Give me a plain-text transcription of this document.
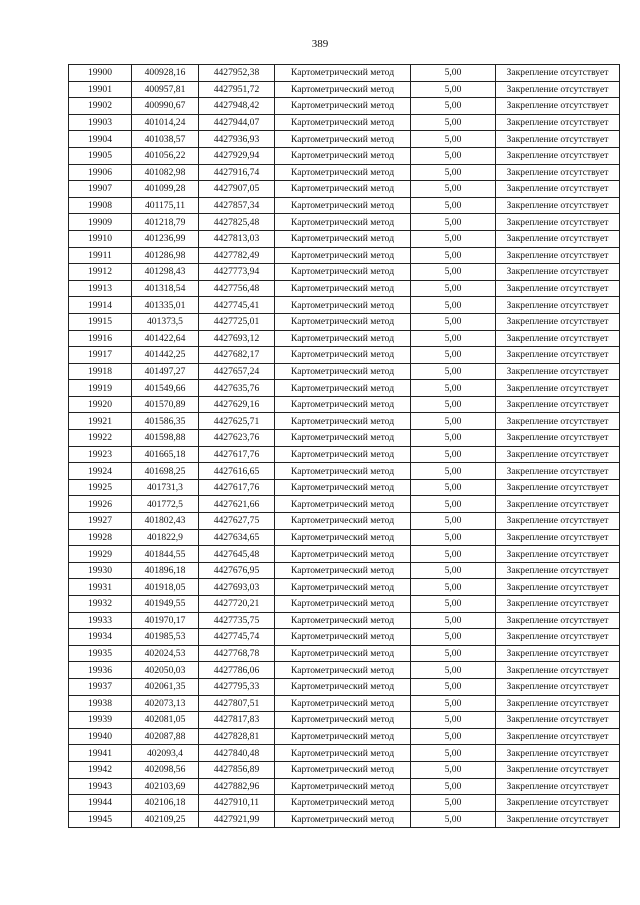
389
19900	400928,16	4427952,38	Картометрический метод	5,00	Закрепление отсутствует
19901	400957,81	4427951,72	Картометрический метод	5,00	Закрепление отсутствует
19902	400990,67	4427948,42	Картометрический метод	5,00	Закрепление отсутствует
19903	401014,24	4427944,07	Картометрический метод	5,00	Закрепление отсутствует
19904	401038,57	4427936,93	Картометрический метод	5,00	Закрепление отсутствует
19905	401056,22	4427929,94	Картометрический метод	5,00	Закрепление отсутствует
19906	401082,98	4427916,74	Картометрический метод	5,00	Закрепление отсутствует
19907	401099,28	4427907,05	Картометрический метод	5,00	Закрепление отсутствует
19908	401175,11	4427857,34	Картометрический метод	5,00	Закрепление отсутствует
19909	401218,79	4427825,48	Картометрический метод	5,00	Закрепление отсутствует
19910	401236,99	4427813,03	Картометрический метод	5,00	Закрепление отсутствует
19911	401286,98	4427782,49	Картометрический метод	5,00	Закрепление отсутствует
19912	401298,43	4427773,94	Картометрический метод	5,00	Закрепление отсутствует
19913	401318,54	4427756,48	Картометрический метод	5,00	Закрепление отсутствует
19914	401335,01	4427745,41	Картометрический метод	5,00	Закрепление отсутствует
19915	401373,5	4427725,01	Картометрический метод	5,00	Закрепление отсутствует
19916	401422,64	4427693,12	Картометрический метод	5,00	Закрепление отсутствует
19917	401442,25	4427682,17	Картометрический метод	5,00	Закрепление отсутствует
19918	401497,27	4427657,24	Картометрический метод	5,00	Закрепление отсутствует
19919	401549,66	4427635,76	Картометрический метод	5,00	Закрепление отсутствует
19920	401570,89	4427629,16	Картометрический метод	5,00	Закрепление отсутствует
19921	401586,35	4427625,71	Картометрический метод	5,00	Закрепление отсутствует
19922	401598,88	4427623,76	Картометрический метод	5,00	Закрепление отсутствует
19923	401665,18	4427617,76	Картометрический метод	5,00	Закрепление отсутствует
19924	401698,25	4427616,65	Картометрический метод	5,00	Закрепление отсутствует
19925	401731,3	4427617,76	Картометрический метод	5,00	Закрепление отсутствует
19926	401772,5	4427621,66	Картометрический метод	5,00	Закрепление отсутствует
19927	401802,43	4427627,75	Картометрический метод	5,00	Закрепление отсутствует
19928	401822,9	4427634,65	Картометрический метод	5,00	Закрепление отсутствует
19929	401844,55	4427645,48	Картометрический метод	5,00	Закрепление отсутствует
19930	401896,18	4427676,95	Картометрический метод	5,00	Закрепление отсутствует
19931	401918,05	4427693,03	Картометрический метод	5,00	Закрепление отсутствует
19932	401949,55	4427720,21	Картометрический метод	5,00	Закрепление отсутствует
19933	401970,17	4427735,75	Картометрический метод	5,00	Закрепление отсутствует
19934	401985,53	4427745,74	Картометрический метод	5,00	Закрепление отсутствует
19935	402024,53	4427768,78	Картометрический метод	5,00	Закрепление отсутствует
19936	402050,03	4427786,06	Картометрический метод	5,00	Закрепление отсутствует
19937	402061,35	4427795,33	Картометрический метод	5,00	Закрепление отсутствует
19938	402073,13	4427807,51	Картометрический метод	5,00	Закрепление отсутствует
19939	402081,05	4427817,83	Картометрический метод	5,00	Закрепление отсутствует
19940	402087,88	4427828,81	Картометрический метод	5,00	Закрепление отсутствует
19941	402093,4	4427840,48	Картометрический метод	5,00	Закрепление отсутствует
19942	402098,56	4427856,89	Картометрический метод	5,00	Закрепление отсутствует
19943	402103,69	4427882,96	Картометрический метод	5,00	Закрепление отсутствует
19944	402106,18	4427910,11	Картометрический метод	5,00	Закрепление отсутствует
19945	402109,25	4427921,99	Картометрический метод	5,00	Закрепление отсутствует
